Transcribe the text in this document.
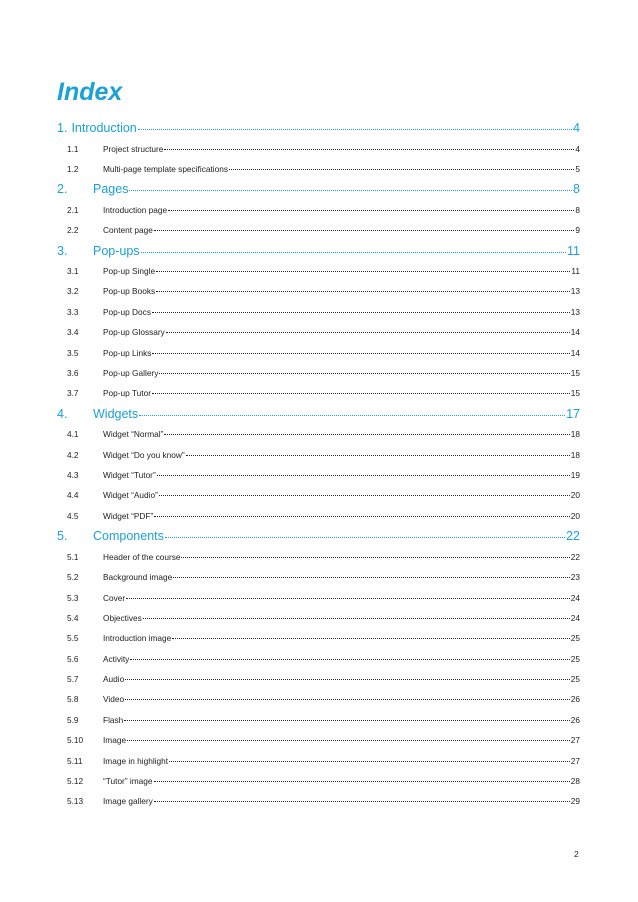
Index
1. Introduction	4
1.1	Project structure	4
1.2	Multi-page template specifications	5
2.	Pages	8
2.1	Introduction page	8
2.2	Content page	9
3.	Pop-ups	11
3.1	Pop-up Single	11
3.2	Pop-up Books	13
3.3	Pop-up Docs	13
3.4	Pop-up Glossary	14
3.5	Pop-up Links	14
3.6	Pop-up Gallery	15
3.7	Pop-up Tutor	15
4.	Widgets	17
4.1	Widget “Normal”	18
4.2	Widget “Do you know”	18
4.3	Widget “Tutor”	19
4.4	Widget “Audio”	20
4.5	Widget “PDF”	20
5.	Components	22
5.1	Header of the course	22
5.2	Background image	23
5.3	Cover	24
5.4	Objectives	24
5.5	Introduction image	25
5.6	Activity	25
5.7	Audio	25
5.8	Video	26
5.9	Flash	26
5.10	Image	27
5.11	Image in highlight	27
5.12	“Tutor” image	28
5.13	Image gallery	29
2
